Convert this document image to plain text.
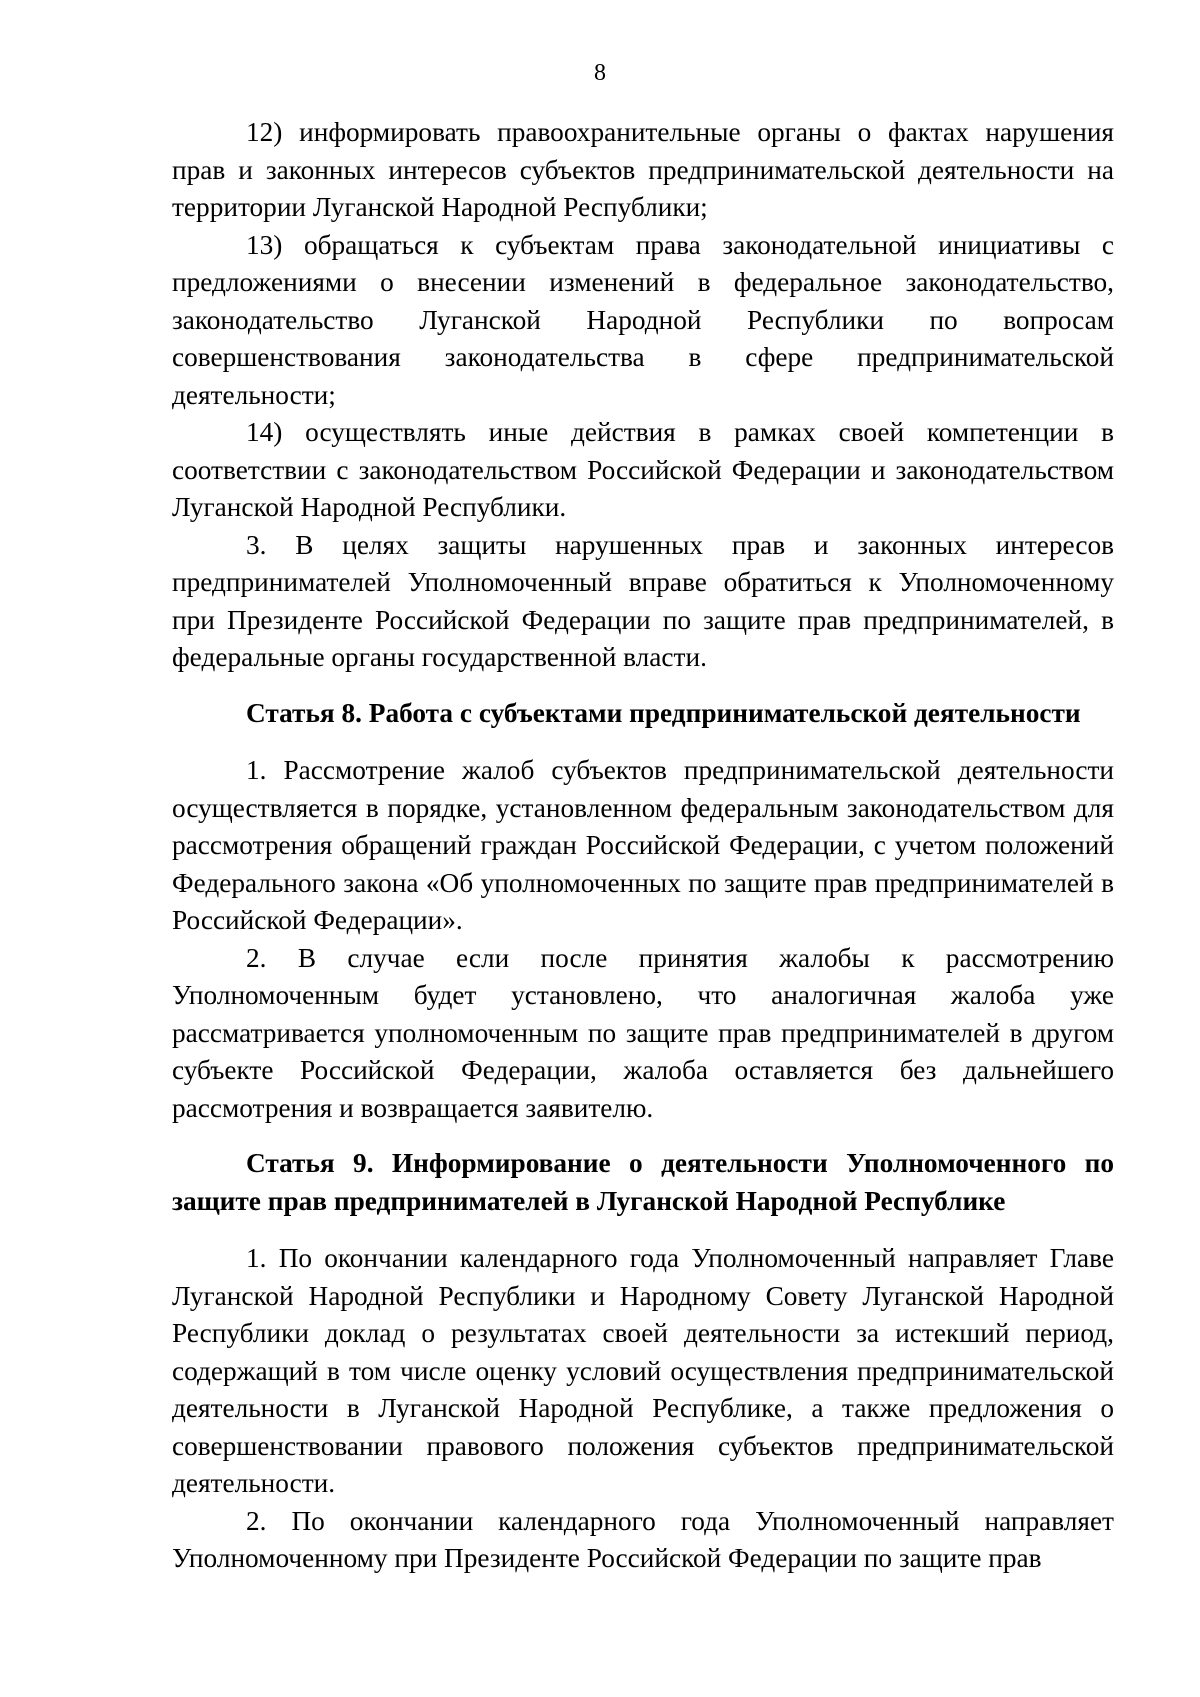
8

12) информировать правоохранительные органы о фактах нарушения прав и законных интересов субъектов предпринимательской деятельности на территории Луганской Народной Республики;

13) обращаться к субъектам права законодательной инициативы с предложениями о внесении изменений в федеральное законодательство, законодательство Луганской Народной Республики по вопросам совершенствования законодательства в сфере предпринимательской деятельности;

14) осуществлять иные действия в рамках своей компетенции в соответствии с законодательством Российской Федерации и законодательством Луганской Народной Республики.

3. В целях защиты нарушенных прав и законных интересов предпринимателей Уполномоченный вправе обратиться к Уполномоченному при Президенте Российской Федерации по защите прав предпринимателей, в федеральные органы государственной власти.

Статья 8. Работа с субъектами предпринимательской деятельности

1. Рассмотрение жалоб субъектов предпринимательской деятельности осуществляется в порядке, установленном федеральным законодательством для рассмотрения обращений граждан Российской Федерации, с учетом положений Федерального закона «Об уполномоченных по защите прав предпринимателей в Российской Федерации».

2. В случае если после принятия жалобы к рассмотрению Уполномоченным будет установлено, что аналогичная жалоба уже рассматривается уполномоченным по защите прав предпринимателей в другом субъекте Российской Федерации, жалоба оставляется без дальнейшего рассмотрения и возвращается заявителю.

Статья 9. Информирование о деятельности Уполномоченного по защите прав предпринимателей в Луганской Народной Республике

1. По окончании календарного года Уполномоченный направляет Главе Луганской Народной Республики и Народному Совету Луганской Народной Республики доклад о результатах своей деятельности за истекший период, содержащий в том числе оценку условий осуществления предпринимательской деятельности в Луганской Народной Республике, а также предложения о совершенствовании правового положения субъектов предпринимательской деятельности.

2. По окончании календарного года Уполномоченный направляет Уполномоченному при Президенте Российской Федерации по защите прав
